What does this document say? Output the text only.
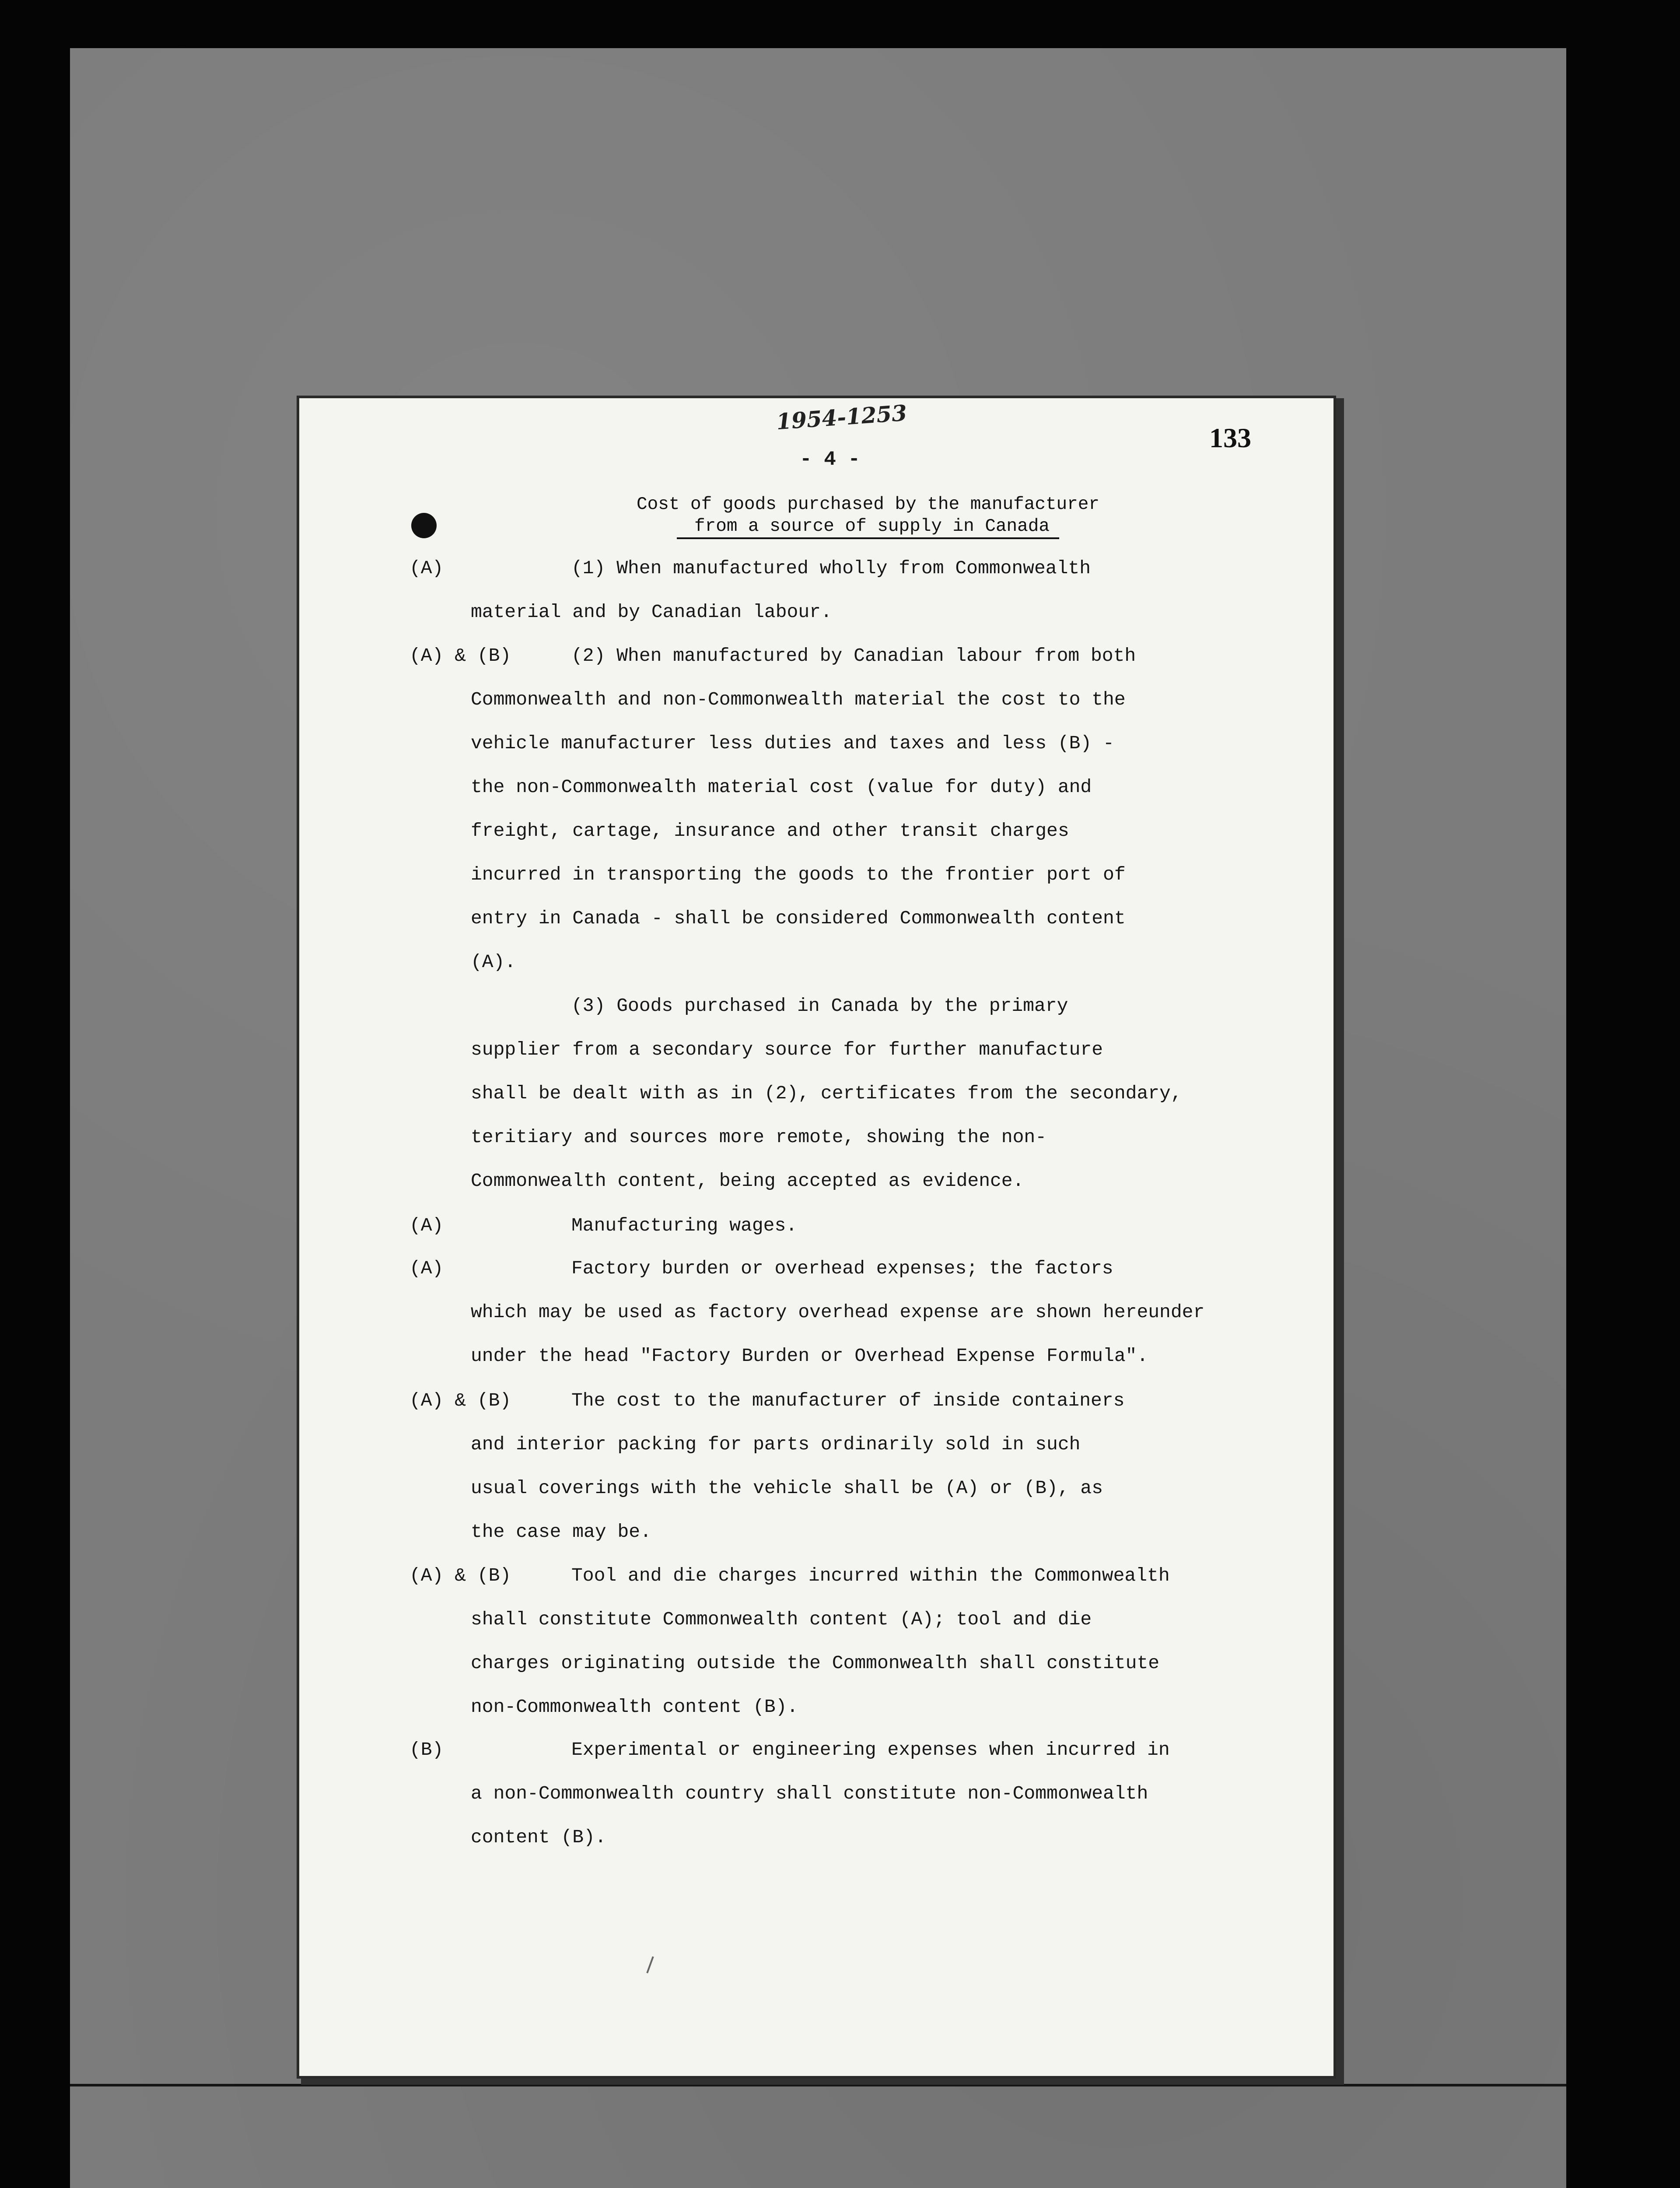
1954-1253
133
- 4 -
Cost of goods purchased by the manufacturer
from a source of supply in Canada
(A)
(A) & (B)
(A)
(A)
(A) & (B)
(A) & (B)
(B)
(1) When manufactured wholly from Commonwealth
material and by Canadian labour.
(2) When manufactured by Canadian labour from both
Commonwealth and non-Commonwealth material the cost to the
vehicle manufacturer less duties and taxes and less (B) -
the non-Commonwealth material cost (value for duty) and
freight, cartage, insurance and other transit charges
incurred in transporting the goods to the frontier port of
entry in Canada - shall be considered Commonwealth content
(A).
(3) Goods purchased in Canada by the primary
supplier from a secondary source for further manufacture
shall be dealt with as in (2), certificates from the secondary,
teritiary and sources more remote, showing the non-
Commonwealth content, being accepted as evidence.
Manufacturing wages.
Factory burden or overhead expenses; the factors
which may be used as factory overhead expense are shown hereunder
under the head "Factory Burden or Overhead Expense Formula".
The cost to the manufacturer of inside containers
and interior packing for parts ordinarily sold in such
usual coverings with the vehicle shall be (A) or (B), as
the case may be.
Tool and die charges incurred within the Commonwealth
shall constitute Commonwealth content (A); tool and die
charges originating outside the Commonwealth shall constitute
non-Commonwealth content (B).
Experimental or engineering expenses when incurred in
a non-Commonwealth country shall constitute non-Commonwealth
content (B).
